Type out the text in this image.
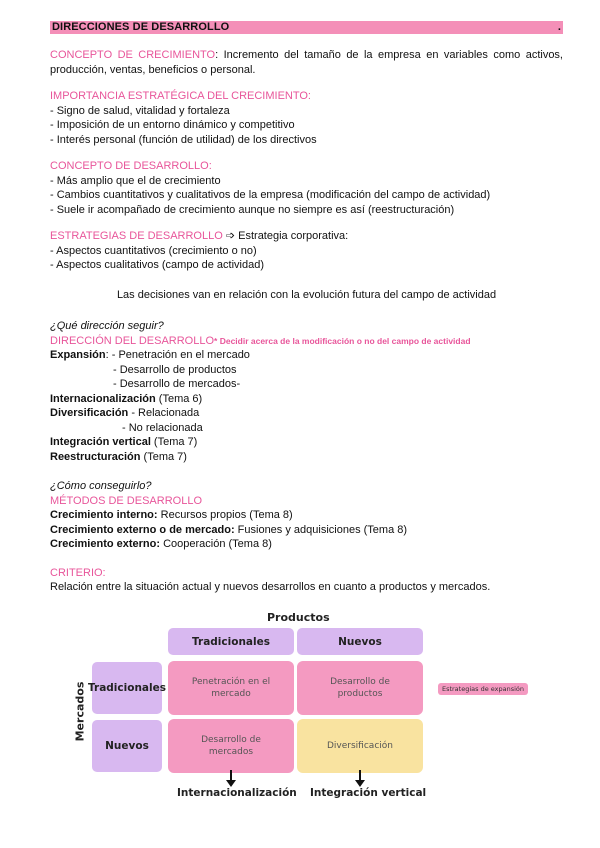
DIRECCIONES DE DESARROLLO	.
CONCEPTO DE CRECIMIENTO: Incremento del tamaño de la empresa en variables como activos, producción, ventas, beneficios o personal.
IMPORTANCIA ESTRATÉGICA DEL CRECIMIENTO:
- Signo de salud, vitalidad y fortaleza
- Imposición de un entorno dinámico y competitivo
- Interés personal (función de utilidad) de los directivos
CONCEPTO DE DESARROLLO:
- Más amplio que el de crecimiento
- Cambios cuantitativos y cualitativos de la empresa (modificación del campo de actividad)
- Suele ir acompañado de crecimiento aunque no siempre es así (reestructuración)
ESTRATEGIAS DE DESARROLLO ➩ Estrategia corporativa:
- Aspectos cuantitativos (crecimiento o no)
- Aspectos cualitativos (campo de actividad)
Las decisiones van en relación con la evolución futura del campo de actividad
¿Qué dirección seguir?
DIRECCIÓN DEL DESARROLLO* Decidir acerca de la modificación o no del campo de actividad
Expansión: - Penetración en el mercado
- Desarrollo de productos
- Desarrollo de mercados-
Internacionalización (Tema 6)
Diversificación - Relacionada
- No relacionada
Integración vertical (Tema 7)
Reestructuración (Tema 7)
¿Cómo conseguirlo?
MÉTODOS DE DESARROLLO
Crecimiento interno: Recursos propios (Tema 8)
Crecimiento externo o de mercado: Fusiones y adquisiciones (Tema 8)
Crecimiento externo: Cooperación (Tema 8)
CRITERIO:
Relación entre la situación actual y nuevos desarrollos en cuanto a productos y mercados.
Productos
Tradicionales	Nuevos
Mercados Tradicionales
Nuevos
Penetración en el mercado
Desarrollo de productos
Desarrollo de mercados
Diversificación
Estrategias de expansión
Internacionalización Integración vertical
